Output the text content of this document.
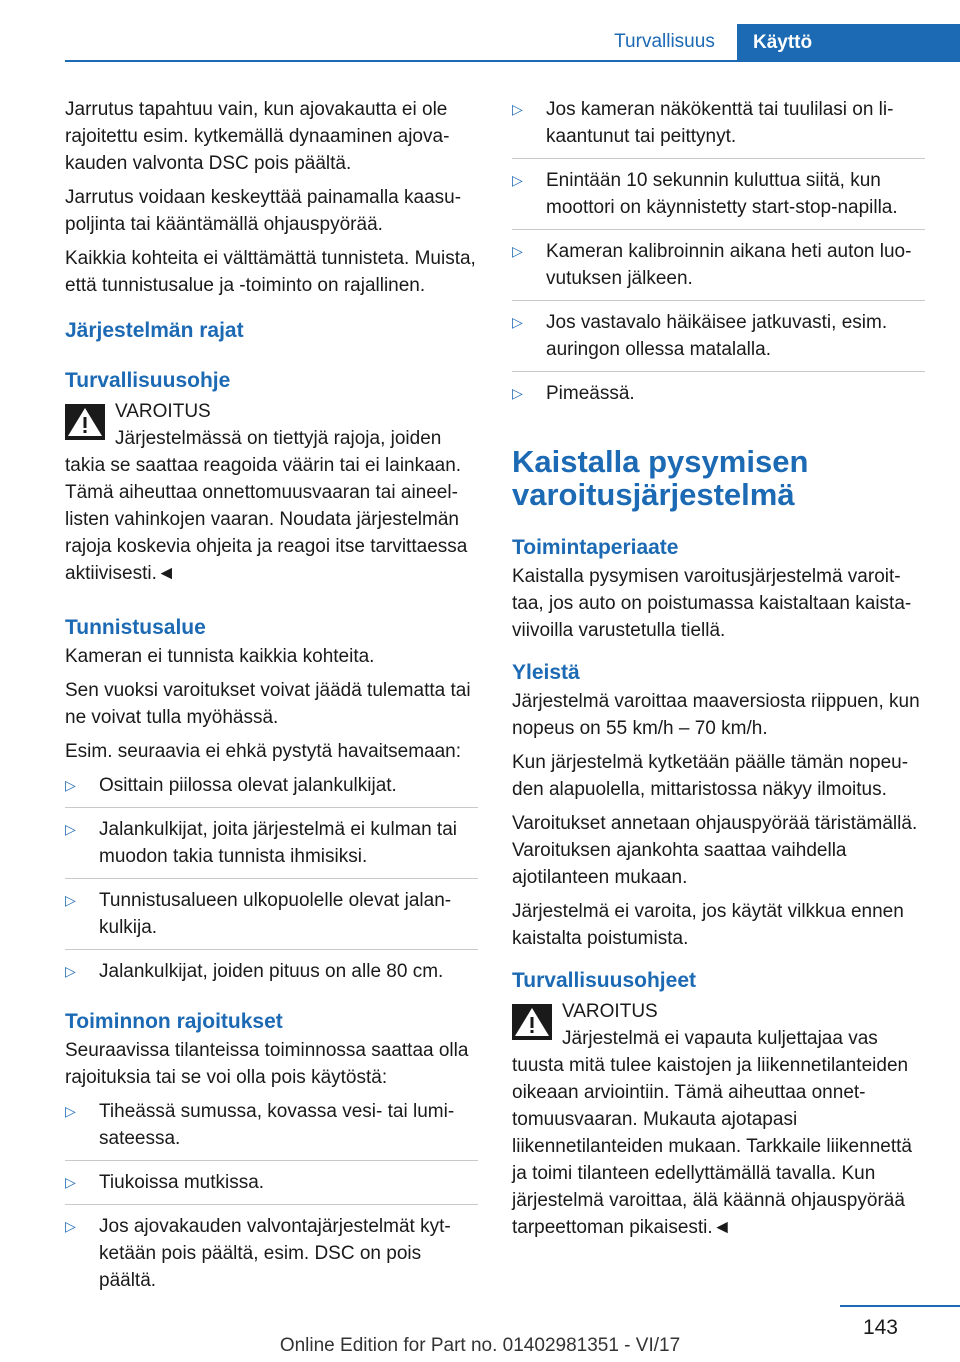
Turvallisuus	Käyttö

Jarrutus tapahtuu vain, kun ajovakautta ei ole rajoitettu esim. kytkemällä dynaaminen ajovakauden valvonta DSC pois päältä.

Jarrutus voidaan keskeyttää painamalla kaasupoljinta tai kääntämällä ohjauspyörää.

Kaikkia kohteita ei välttämättä tunnisteta. Muista, että tunnistusalue ja -toiminto on rajallinen.

Järjestelmän rajat
Turvallisuusohje
VAROITUS
Järjestelmässä on tiettyjä rajoja, joiden
takia se saattaa reagoida väärin tai ei lainkaan. Tämä aiheuttaa onnettomuusvaaran tai aineellisten vahinkojen vaaran. Noudata järjestelmän rajoja koskevia ohjeita ja reagoi itse tarvittaessa aktiivisesti.◄
Tunnistusalue

Kameran ei tunnista kaikkia kohteita.

Sen vuoksi varoitukset voivat jäädä tulematta tai ne voivat tulla myöhässä.

Esim. seuraavia ei ehkä pystytä havaitsemaan:

▷ Osittain piilossa olevat jalankulkijat.
▷ Jalankulkijat, joita järjestelmä ei kulman tai muodon takia tunnista ihmisiksi.
▷ Tunnistusalueen ulkopuolelle olevat jalankulkija.
▷ Jalankulkijat, joiden pituus on alle 80 cm.
Toiminnon rajoitukset

Seuraavissa tilanteissa toiminnossa saattaa olla rajoituksia tai se voi olla pois käytöstä:

▷ Tiheässä sumussa, kovassa vesi- tai lumisateessa.
▷ Tiukoissa mutkissa.
▷ Jos ajovakauden valvontajärjestelmät kytketään pois päältä, esim. DSC on pois päältä.
▷ Jos kameran näkökenttä tai tuulilasi on likaantunut tai peittynyt.
▷ Enintään 10 sekunnin kuluttua siitä, kun moottori on käynnistetty start-stop-napilla.
▷ Kameran kalibroinnin aikana heti auton luovutuksen jälkeen.
▷ Jos vastavalo häikäisee jatkuvasti, esim. auringon ollessa matalalla.
▷ Pimeässä.
Kaistalla pysymisen varoitusjärjestelmä
Toimintaperiaate

Kaistalla pysymisen varoitusjärjestelmä varoittaa, jos auto on poistumassa kaistaltaan kaistaviivoilla varustetulla tiellä.

Yleistä

Järjestelmä varoittaa maaversiosta riippuen, kun nopeus on 55 km/h – 70 km/h.

Kun järjestelmä kytketään päälle tämän nopeuden alapuolella, mittaristossa näkyy ilmoitus.

Varoitukset annetaan ohjauspyörää täristämällä. Varoituksen ajankohta saattaa vaihdella ajotilanteen mukaan.

Järjestelmä ei varoita, jos käytät vilkkua ennen kaistalta poistumista.

Turvallisuusohjeet
VAROITUS
Järjestelmä ei vapauta kuljettajaa vas
tuusta mitä tulee kaistojen ja liikennetilanteiden oikeaan arviointiin. Tämä aiheuttaa onnettomuusvaaran. Mukauta ajotapasi liikennetilanteiden mukaan. Tarkkaile liikennettä ja toimi tilanteen edellyttämällä tavalla. Kun järjestelmä varoittaa, älä käännä ohjauspyörää tarpeettoman pikaisesti.◄
143
Online Edition for Part no. 01402981351 - VI/17
